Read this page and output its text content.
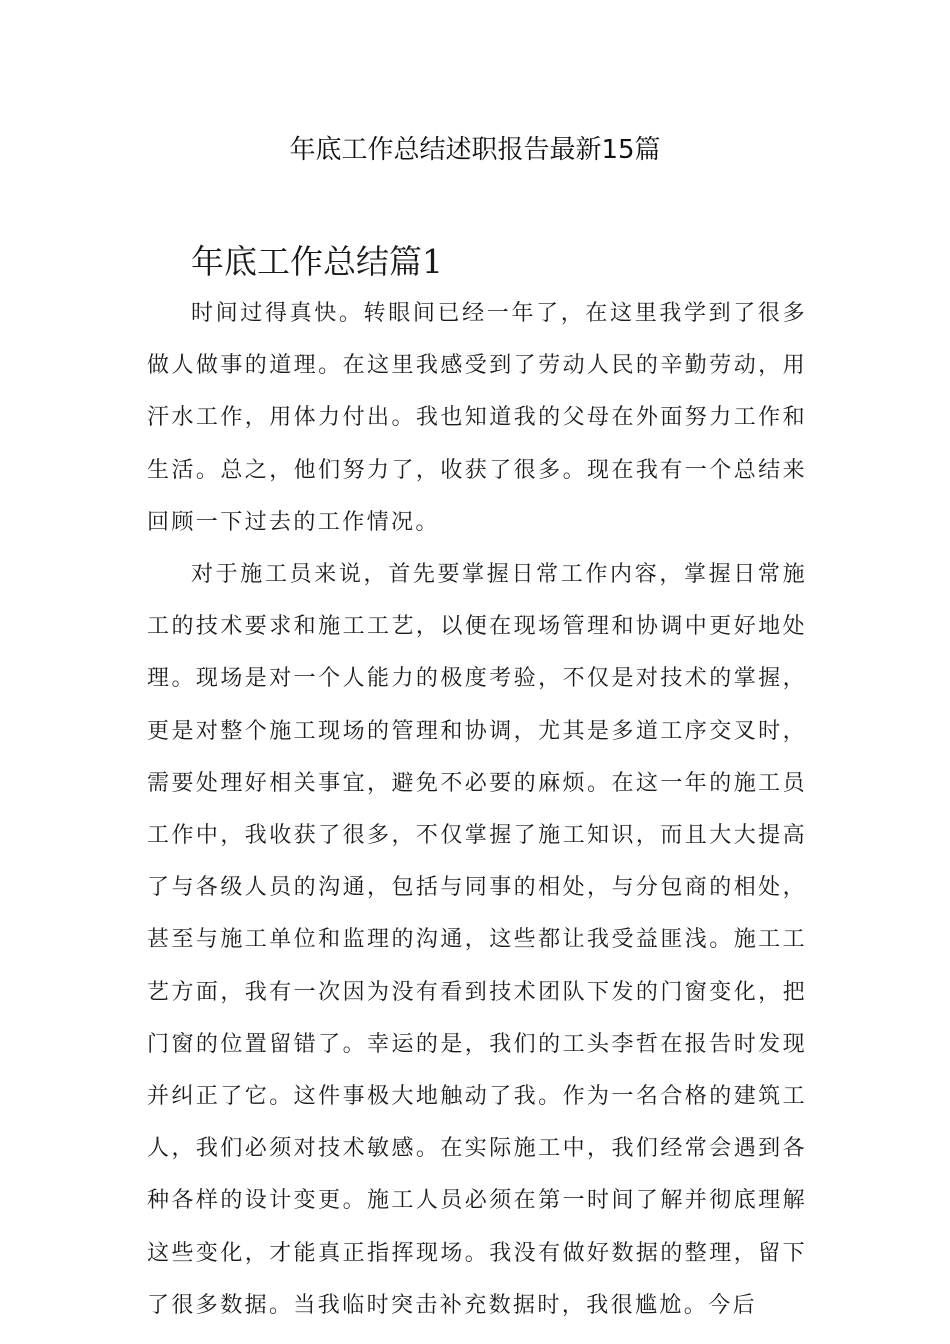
年底工作总结述职报告最新15篇
年底工作总结篇1

时间过得真快。转眼间已经一年了，在这里我学到了很多做人做事的道理。在这里我感受到了劳动人民的辛勤劳动，用汗水工作，用体力付出。我也知道我的父母在外面努力工作和生活。总之，他们努力了，收获了很多。现在我有一个总结来回顾一下过去的工作情况。

对于施工员来说，首先要掌握日常工作内容，掌握日常施工的技术要求和施工工艺，以便在现场管理和协调中更好地处理。现场是对一个人能力的极度考验，不仅是对技术的掌握，更是对整个施工现场的管理和协调，尤其是多道工序交叉时，需要处理好相关事宜，避免不必要的麻烦。在这一年的施工员工作中，我收获了很多，不仅掌握了施工知识，而且大大提高了与各级人员的沟通，包括与同事的相处，与分包商的相处，甚至与施工单位和监理的沟通，这些都让我受益匪浅。施工工艺方面，我有一次因为没有看到技术团队下发的门窗变化，把门窗的位置留错了。幸运的是，我们的工头李哲在报告时发现并纠正了它。这件事极大地触动了我。作为一名合格的建筑工人，我们必须对技术敏感。在实际施工中，我们经常会遇到各种各样的设计变更。施工人员必须在第一时间了解并彻底理解这些变化，才能真正指挥现场。我没有做好数据的整理，留下了很多数据。当我临时突击补充数据时，我很尴尬。今后
